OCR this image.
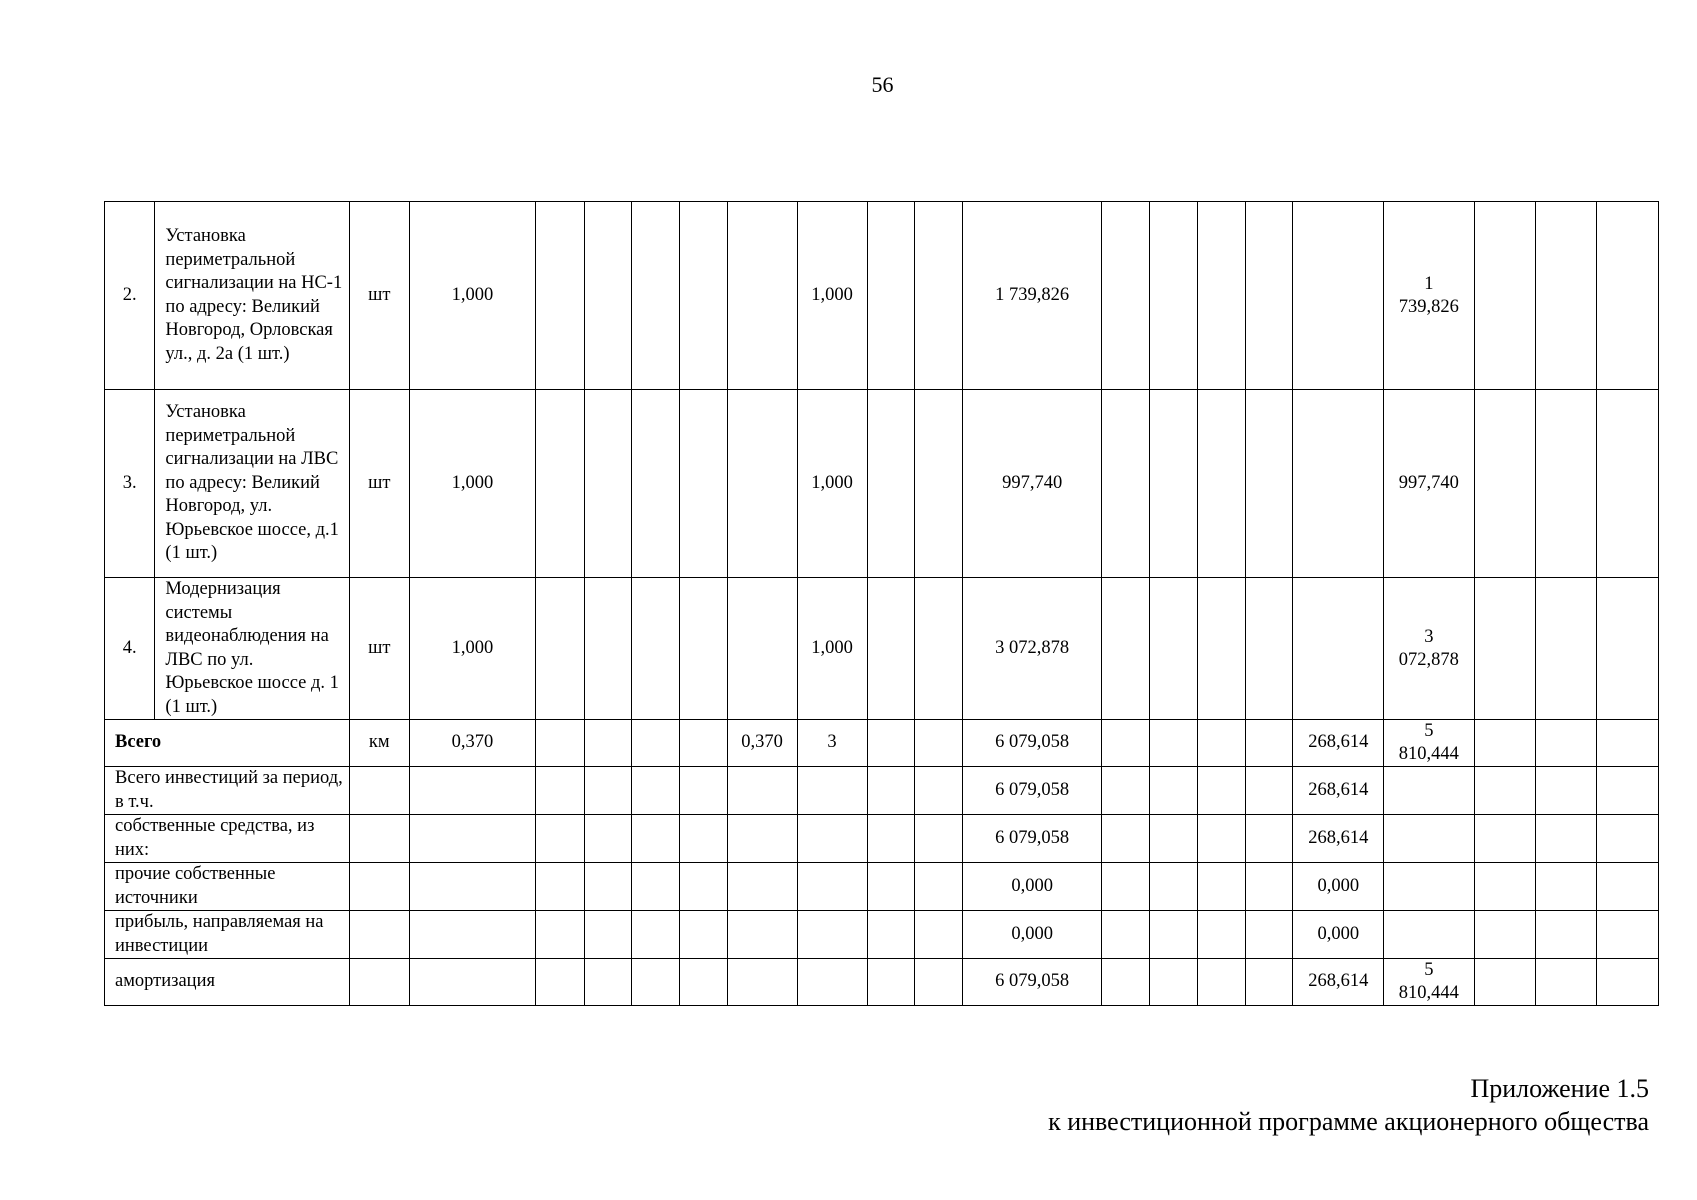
56
2.	Установка периметральной сигнализации на НС-1 по адресу: Великий Новгород, Орловская ул., д. 2а (1 шт.)	шт	1,000						1,000			1 739,826						1
739,826			

3.	Установка периметральной сигнализации на ЛВС по адресу: Великий Новгород, ул. Юрьевское шоссе, д.1 (1 шт.)	шт	1,000						1,000			997,740						997,740			

4.	Модернизация системы видеонаблюдения на ЛВС по ул. Юрьевское шоссе д. 1 (1 шт.)	шт	1,000						1,000			3 072,878						3
072,878			

Всего		км	0,370					0,370	3			6 079,058					268,614	5
810,444			

Всего инвестиций за период, в т.ч.												6 079,058					268,614				
собственные средства, из них:												6 079,058					268,614				
прочие собственные источники												0,000					0,000				
прибыль, направляемая на инвестиции												0,000					0,000				
амортизация												6 079,058					268,614	5
810,444			

Приложение 1.5
к инвестиционной программе акционерного общества
